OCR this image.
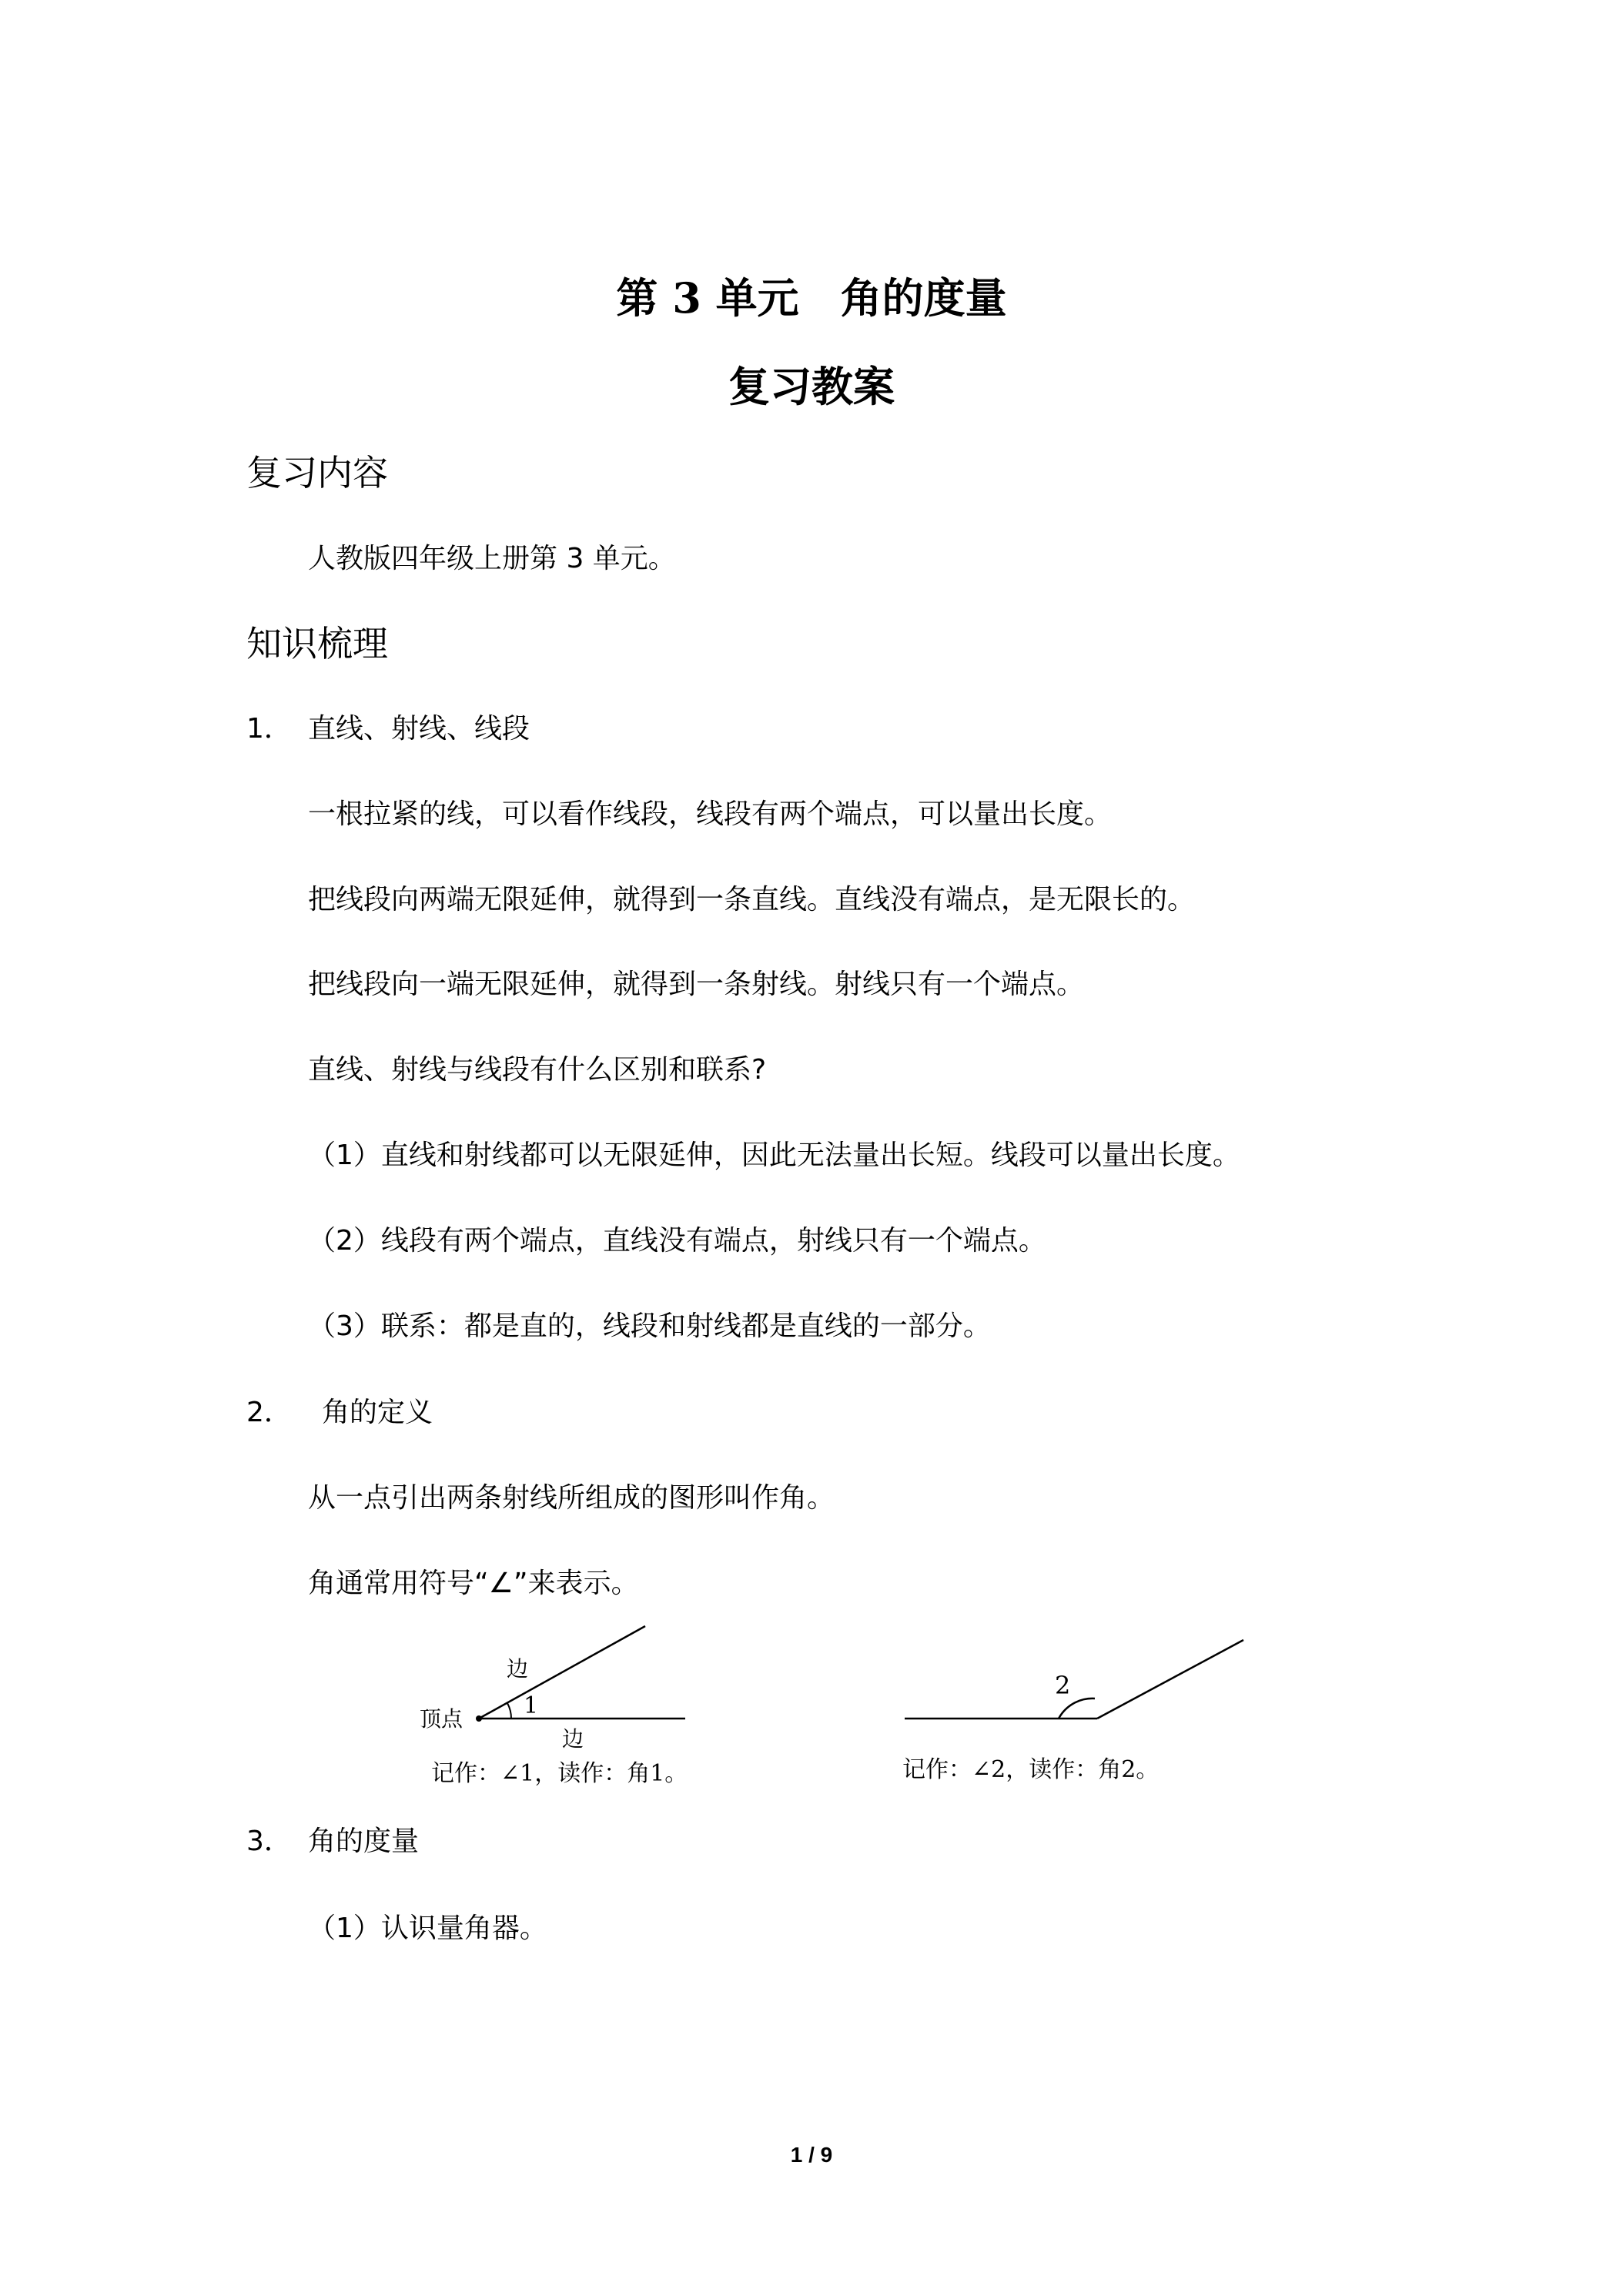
第 3 单元　角的度量
复习教案
复习内容
人教版四年级上册第 3 单元。
知识梳理
1． 直线、射线、线段
一根拉紧的线，可以看作线段，线段有两个端点，可以量出长度。
把线段向两端无限延伸，就得到一条直线。直线没有端点，是无限长的。
把线段向一端无限延伸，就得到一条射线。射线只有一个端点。
直线、射线与线段有什么区别和联系?
（1）直线和射线都可以无限延伸，因此无法量出长短。线段可以量出长度。
（2）线段有两个端点，直线没有端点，射线只有一个端点。
（3）联系：都是直的，线段和射线都是直线的一部分。
2． 角的定义
从一点引出两条射线所组成的图形叫作角。
角通常用符号“∠”来表示。
顶点
边
1
边
记作：∠1，读作：角1。
2
记作：∠2，读作：角2。
3． 角的度量
（1）认识量角器。
1 / 9
